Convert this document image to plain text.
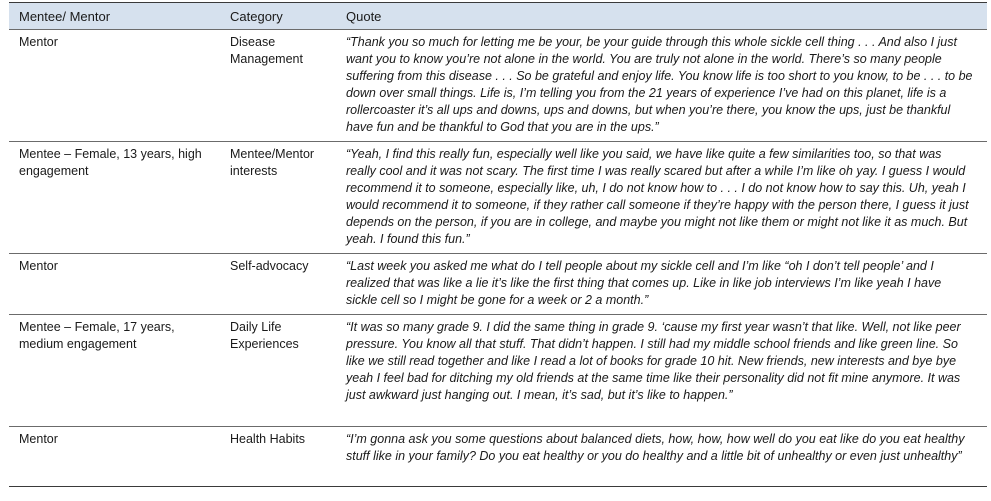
Mentee/ Mentor	Category	Quote
Mentor	Disease Management	“Thank you so much for letting me be your, be your guide through this whole sickle cell thing . . . And also I just want you to know you’re not alone in the world. You are truly not alone in the world. There’s so many people suffering from this disease . . . So be grateful and enjoy life. You know life is too short to you know, to be . . . to be down over small things. Life is, I’m telling you from the 21 years of experience I’ve had on this planet, life is a rollercoaster it’s all ups and downs, ups and downs, but when you’re there, you know the ups, just be thankful have fun and be thankful to God that you are in the ups.”
Mentee – Female, 13 years, high engagement	Mentee/Mentor interests	“Yeah, I find this really fun, especially well like you said, we have like quite a few similarities too, so that was really cool and it was not scary. The first time I was really scared but after a while I’m like oh yay. I guess I would recommend it to someone, especially like, uh, I do not know how to . . . I do not know how to say this. Uh, yeah I would recommend it to someone, if they rather call someone if they’re happy with the person there, I guess it just depends on the person, if you are in college, and maybe you might not like them or might not like it as much. But yeah. I found this fun.”
Mentor	Self-advocacy	“Last week you asked me what do I tell people about my sickle cell and I’m like “oh I don’t tell people’ and I realized that was like a lie it’s like the first thing that comes up. Like in like job interviews I’m like yeah I have sickle cell so I might be gone for a week or 2 a month.”
Mentee – Female, 17 years, medium engagement	Daily Life Experiences	“It was so many grade 9. I did the same thing in grade 9. ‘cause my first year wasn’t that like. Well, not like peer pressure. You know all that stuff. That didn’t happen. I still had my middle school friends and like green line. So like we still read together and like I read a lot of books for grade 10 hit. New friends, new interests and bye bye yeah I feel bad for ditching my old friends at the same time like their personality did not fit mine anymore. It was just awkward just hanging out. I mean, it’s sad, but it’s like to happen.”
Mentor	Health Habits	“I’m gonna ask you some questions about balanced diets, how, how, how well do you eat like do you eat healthy stuff like in your family? Do you eat healthy or you do healthy and a little bit of unhealthy or even just unhealthy”
